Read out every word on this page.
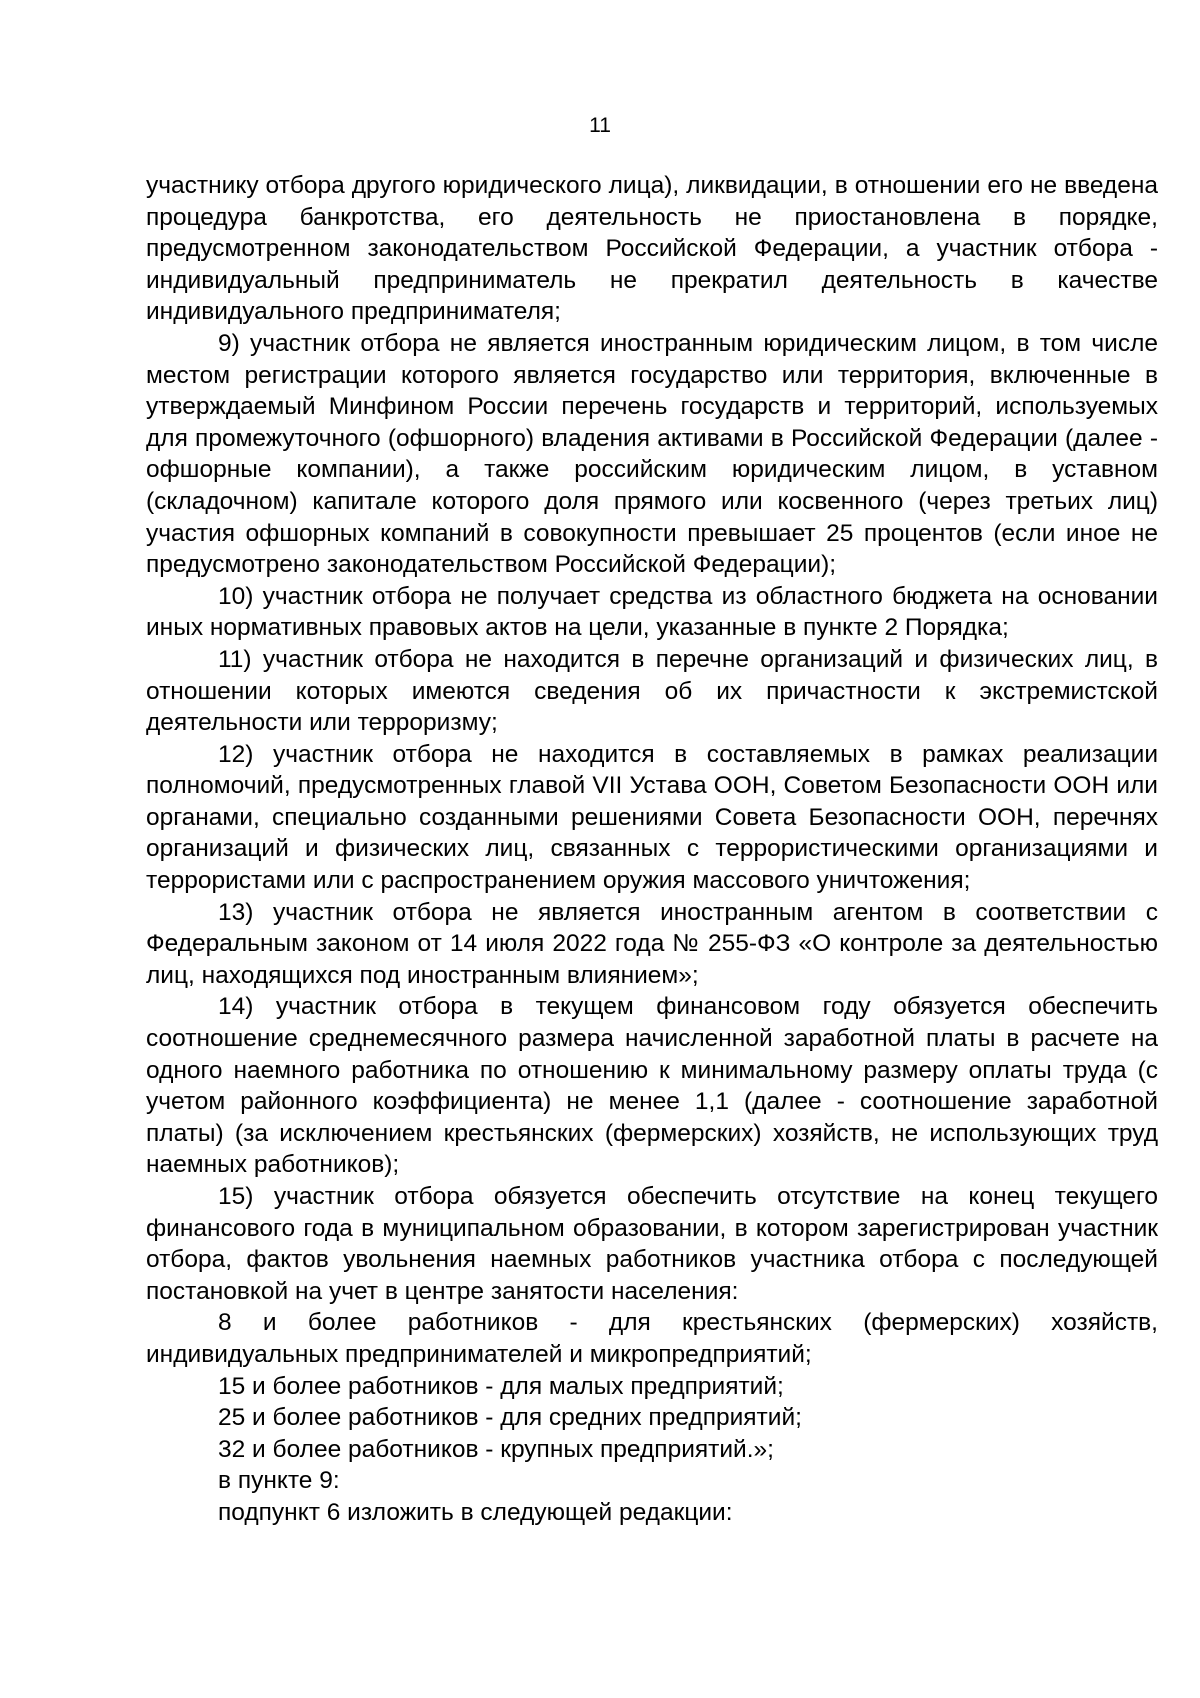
11

участнику отбора другого юридического лица), ликвидации, в отношении его не введена процедура банкротства, его деятельность не приостановлена в порядке, предусмотренном законодательством Российской Федерации, а участник отбора - индивидуальный предприниматель не прекратил деятельность в качестве индивидуального предпринимателя;

9) участник отбора не является иностранным юридическим лицом, в том числе местом регистрации которого является государство или территория, включенные в утверждаемый Минфином России перечень государств и территорий, используемых для промежуточного (офшорного) владения активами в Российской Федерации (далее - офшорные компании), а также российским юридическим лицом, в уставном (складочном) капитале которого доля прямого или косвенного (через третьих лиц) участия офшорных компаний в совокупности превышает 25 процентов (если иное не предусмотрено законодательством Российской Федерации);

10) участник отбора не получает средства из областного бюджета на основании иных нормативных правовых актов на цели, указанные в пункте 2 Порядка;

11) участник отбора не находится в перечне организаций и физических лиц, в отношении которых имеются сведения об их причастности к экстремистской деятельности или терроризму;

12) участник отбора не находится в составляемых в рамках реализации полномочий, предусмотренных главой VII Устава ООН, Советом Безопасности ООН или органами, специально созданными решениями Совета Безопасности ООН, перечнях организаций и физических лиц, связанных с террористическими организациями и террористами или с распространением оружия массового уничтожения;

13) участник отбора не является иностранным агентом в соответствии с Федеральным законом от 14 июля 2022 года № 255-ФЗ «О контроле за деятельностью лиц, находящихся под иностранным влиянием»;

14) участник отбора в текущем финансовом году обязуется обеспечить соотношение среднемесячного размера начисленной заработной платы в расчете на одного наемного работника по отношению к минимальному размеру оплаты труда (с учетом районного коэффициента) не менее 1,1 (далее - соотношение заработной платы) (за исключением крестьянских (фермерских) хозяйств, не использующих труд наемных работников);

15) участник отбора обязуется обеспечить отсутствие на конец текущего финансового года в муниципальном образовании, в котором зарегистрирован участник отбора, фактов увольнения наемных работников участника отбора с последующей постановкой на учет в центре занятости населения:

8 и более работников - для крестьянских (фермерских) хозяйств, индивидуальных предпринимателей и микропредприятий;

15 и более работников - для малых предприятий;

25 и более работников - для средних предприятий;

32 и более работников - крупных предприятий.»;

в пункте 9:

подпункт 6 изложить в следующей редакции:
